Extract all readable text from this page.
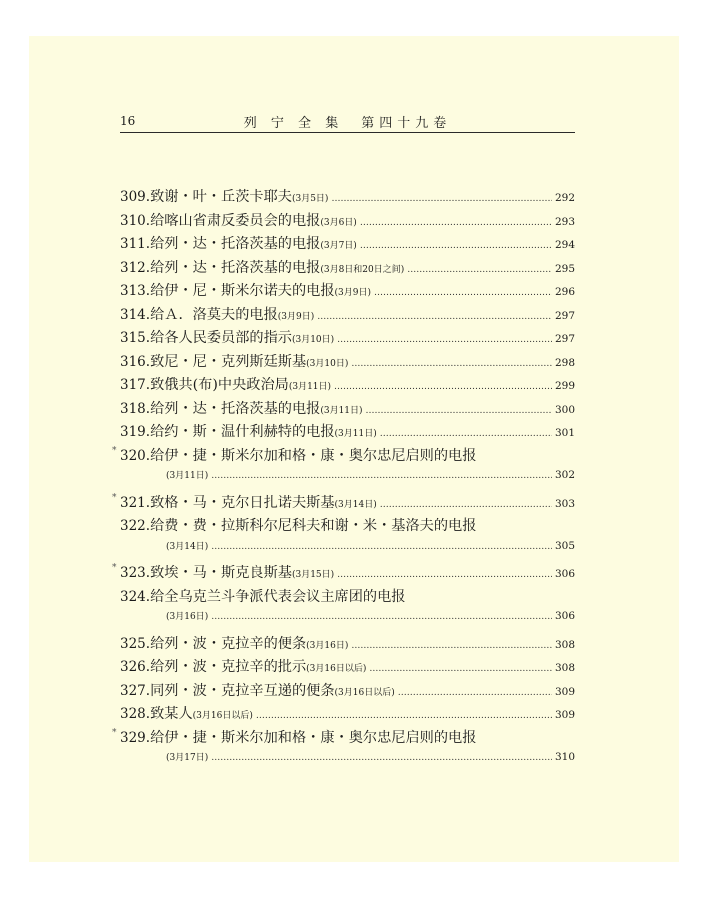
16	列 宁 全 集　第四十九卷
309 . 致谢・叶・丘茨卡耶夫 (3月5日) …………………………………………………………………………………………………………………………………………	292
310 . 给喀山省肃反委员会的电报 (3月6日) …………………………………………………………………………………………………………………………………………	293
311 . 给列・达・托洛茨基的电报 (3月7日) …………………………………………………………………………………………………………………………………………	294
312 . 给列・达・托洛茨基的电报 (3月8日和20日之间) …………………………………………………………………………………………………………………………………………	295
313 . 给伊・尼・斯米尔诺夫的电报 (3月9日) …………………………………………………………………………………………………………………………………………	296
314 . 给Ａ．洛莫夫的电报 (3月9日) …………………………………………………………………………………………………………………………………………	297
315 . 给各人民委员部的指示 (3月10日) …………………………………………………………………………………………………………………………………………	297
316 . 致尼・尼・克列斯廷斯基 (3月10日) …………………………………………………………………………………………………………………………………………	298
317 . 致俄共(布)中央政治局 (3月11日) …………………………………………………………………………………………………………………………………………	299
318 . 给列・达・托洛茨基的电报 (3月11日) …………………………………………………………………………………………………………………………………………	300
319 . 给约・斯・温什利赫特的电报 (3月11日) …………………………………………………………………………………………………………………………………………	301
* 320 . 给伊・捷・斯米尔加和格・康・奥尔忠尼启则的电报
(3月11日) …………………………………………………………………………………………………………………………………………	302
* 321 . 致格・马・克尔日扎诺夫斯基 (3月14日) …………………………………………………………………………………………………………………………………………	303
322 . 给费・费・拉斯科尔尼科夫和谢・米・基洛夫的电报
(3月14日) …………………………………………………………………………………………………………………………………………	305
* 323 . 致埃・马・斯克良斯基 (3月15日) …………………………………………………………………………………………………………………………………………	306
324 . 给全乌克兰斗争派代表会议主席团的电报
(3月16日) …………………………………………………………………………………………………………………………………………	306
325 . 给列・波・克拉辛的便条 (3月16日) …………………………………………………………………………………………………………………………………………	308
326 . 给列・波・克拉辛的批示 (3月16日以后) …………………………………………………………………………………………………………………………………………	308
327 . 同列・波・克拉辛互递的便条 (3月16日以后) …………………………………………………………………………………………………………………………………………	309
328 . 致某人 (3月16日以后) …………………………………………………………………………………………………………………………………………	309
* 329 . 给伊・捷・斯米尔加和格・康・奥尔忠尼启则的电报
(3月17日) …………………………………………………………………………………………………………………………………………	310
